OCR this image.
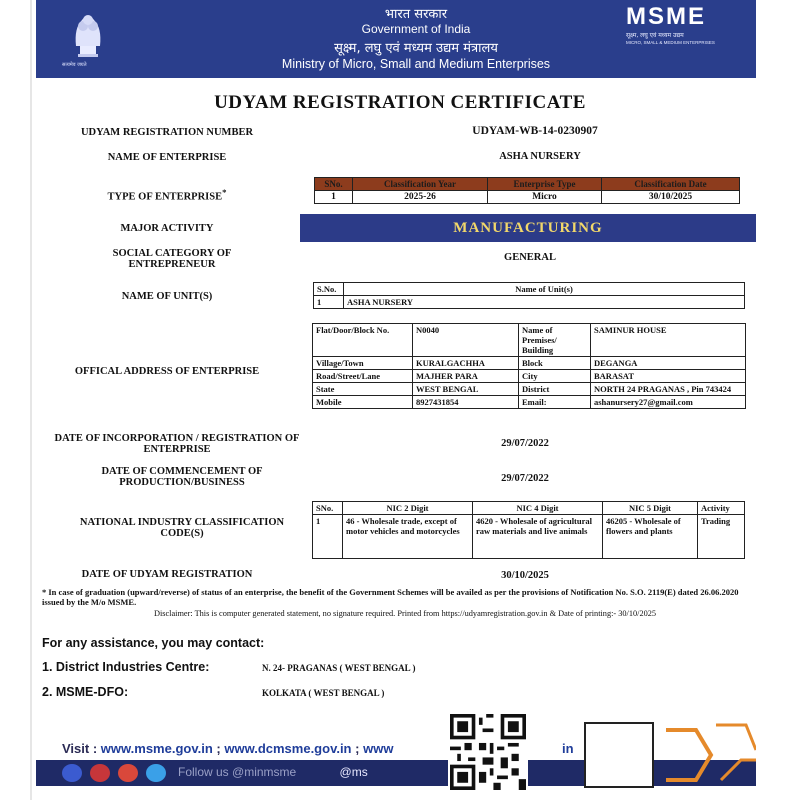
सत्यमेव जयते
भारत सरकार
Government of India
सूक्ष्म, लघु एवं मध्यम उद्यम मंत्रालय
Ministry of Micro, Small and Medium Enterprises
MSME
सूक्ष्म, लघु एवं मध्यम उद्यम
MICRO, SMALL & MEDIUM ENTERPRISES
UDYAM REGISTRATION CERTIFICATE
UDYAM REGISTRATION NUMBER	UDYAM-WB-14-0230907
NAME OF ENTERPRISE	ASHA NURSERY
TYPE OF ENTERPRISE*
SNo.	Classification Year	Enterprise Type	Classification Date
1	2025-26	Micro	30/10/2025
MAJOR ACTIVITY	MANUFACTURING
SOCIAL CATEGORY OF ENTREPRENEUR
GENERAL
NAME OF UNIT(S)
S.No.	Name of Unit(s)
1	ASHA NURSERY
OFFICAL ADDRESS OF ENTERPRISE
Flat/Door/Block No.	N0040	Name of Premises/ Building	SAMINUR HOUSE
Village/Town	KURALGACHHA	Block	DEGANGA
Road/Street/Lane	MAJHER PARA	City	BARASAT
State	WEST BENGAL	District	NORTH 24 PRAGANAS , Pin 743424
Mobile	8927431854	Email:	ashanursery27@gmail.com
DATE OF INCORPORATION / REGISTRATION OF ENTERPRISE
29/07/2022
DATE OF COMMENCEMENT OF PRODUCTION/BUSINESS	29/07/2022
NATIONAL INDUSTRY CLASSIFICATION CODE(S)
SNo.	NIC 2 Digit	NIC 4 Digit	NIC 5 Digit	Activity
1	46 - Wholesale trade, except of motor vehicles and motorcycles	4620 - Wholesale of agricultural raw materials and live animals	46205 - Wholesale of flowers and plants	Trading
DATE OF UDYAM REGISTRATION	30/10/2025
* In case of graduation (upward/reverse) of status of an enterprise, the benefit of the Government Schemes will be availed as per the provisions of Notification No. S.O. 2119(E) dated 26.06.2020 issued by the M/o MSME.
Disclaimer: This is computer generated statement, no signature required. Printed from https://udyamregistration.gov.in & Date of printing:- 30/10/2025
For any assistance, you may contact:
1. District Industries Centre:	N. 24- PRAGANAS ( WEST BENGAL )
2. MSME-DFO:	KOLKATA ( WEST BENGAL )
Visit : www.msme.gov.in ; www.dcmsme.gov.in ; www	in
Follow us @minmsme	@ms
